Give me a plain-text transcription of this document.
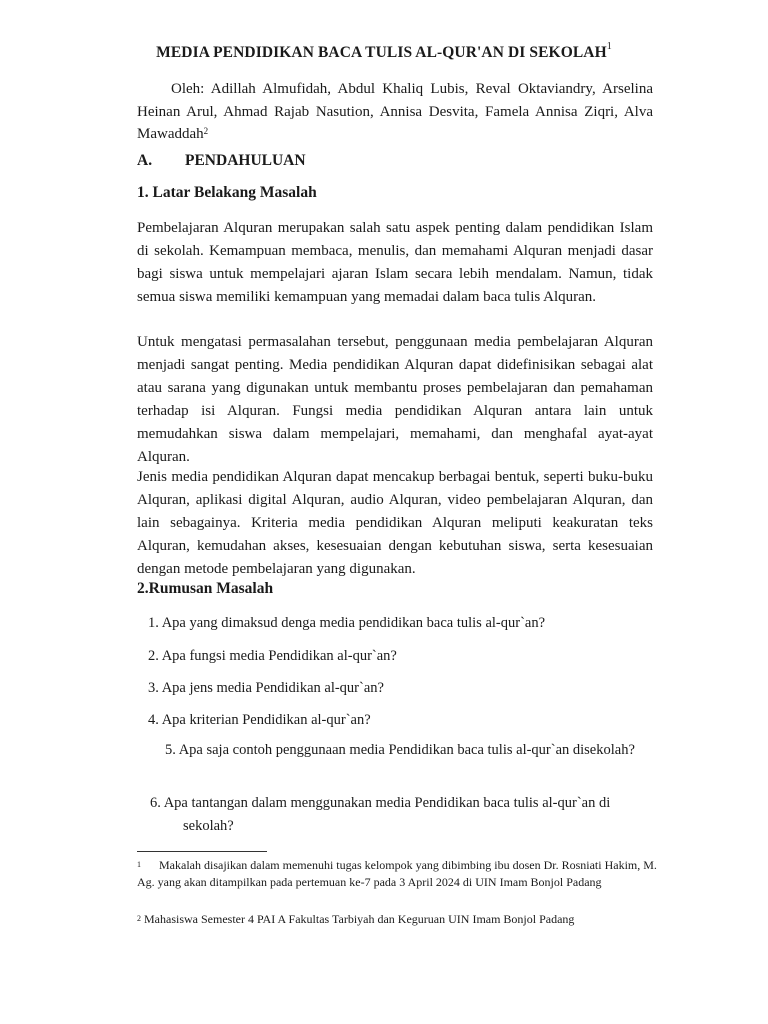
MEDIA PENDIDIKAN BACA TULIS AL-QUR'AN DI SEKOLAH$^1$
Oleh: Adillah Almufidah, Abdul Khaliq Lubis, Reval Oktaviandry, Arselina Heinan Arul, Ahmad Rajab Nasution, Annisa Desvita, Famela Annisa Ziqri, Alva Mawaddah$^2$
A. PENDAHULUAN
1. Latar Belakang Masalah
Pembelajaran Alquran merupakan salah satu aspek penting dalam pendidikan Islam di sekolah. Kemampuan membaca, menulis, dan memahami Alquran menjadi dasar bagi siswa untuk mempelajari ajaran Islam secara lebih mendalam. Namun, tidak semua siswa memiliki kemampuan yang memadai dalam baca tulis Alquran.
Untuk mengatasi permasalahan tersebut, penggunaan media pembelajaran Alquran menjadi sangat penting. Media pendidikan Alquran dapat didefinisikan sebagai alat atau sarana yang digunakan untuk membantu proses pembelajaran dan pemahaman terhadap isi Alquran. Fungsi media pendidikan Alquran antara lain untuk memudahkan siswa dalam mempelajari, memahami, dan menghafal ayat-ayat Alquran.
Jenis media pendidikan Alquran dapat mencakup berbagai bentuk, seperti buku-buku Alquran, aplikasi digital Alquran, audio Alquran, video pembelajaran Alquran, dan lain sebagainya. Kriteria media pendidikan Alquran meliputi keakuratan teks Alquran, kemudahan akses, kesesuaian dengan kebutuhan siswa, serta kesesuaian dengan metode pembelajaran yang digunakan.
2.Rumusan Masalah
1. Apa yang dimaksud denga media pendidikan baca tulis al-qur`an?
2. Apa fungsi media Pendidikan al-qur`an?
3. Apa jens media Pendidikan al-qur`an?
4. Apa kriterian Pendidikan al-qur`an?
5. Apa saja contoh penggunaan media Pendidikan baca tulis al-qur`an disekolah?
6. Apa tantangan dalam menggunakan media Pendidikan baca tulis al-qur`an di sekolah?
$^1$ Makalah disajikan dalam memenuhi tugas kelompok yang dibimbing ibu dosen Dr. Rosniati Hakim, M. Ag. yang akan ditampilkan pada pertemuan ke-7 pada 3 April 2024 di UIN Imam Bonjol Padang
$^2$ Mahasiswa Semester 4 PAI A Fakultas Tarbiyah dan Keguruan UIN Imam Bonjol Padang
